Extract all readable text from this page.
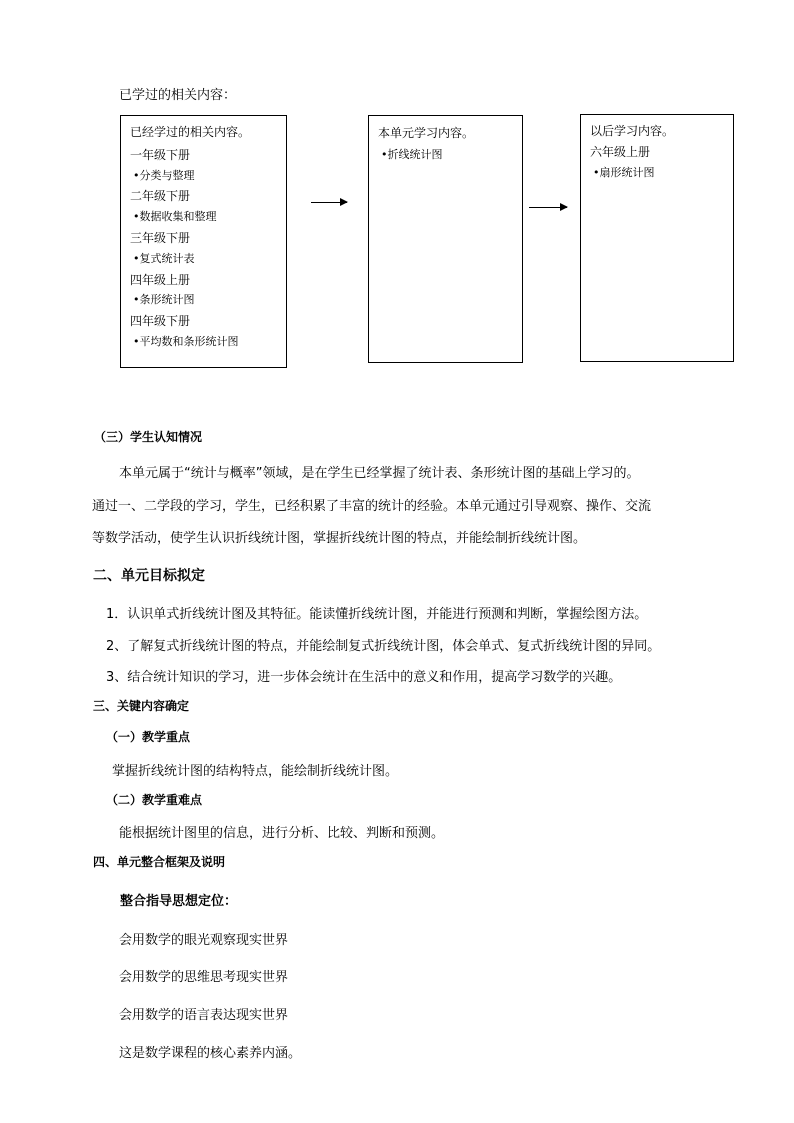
已学过的相关内容：
已经学过的相关内容。
一年级下册
•分类与整理
二年级下册
•数据收集和整理
三年级下册
•复式统计表
四年级上册
•条形统计图
四年级下册
•平均数和条形统计图
本单元学习内容。
•折线统计图
以后学习内容。
六年级上册
•扇形统计图
（三）学生认知情况
本单元属于“统计与概率”领域，是在学生已经掌握了统计表、条形统计图的基础上学习的。
通过一、二学段的学习，学生，已经积累了丰富的统计的经验。本单元通过引导观察、操作、交流
等数学活动，使学生认识折线统计图，掌握折线统计图的特点，并能绘制折线统计图。
二、单元目标拟定
1．认识单式折线统计图及其特征。能读懂折线统计图，并能进行预测和判断，掌握绘图方法。
2、了解复式折线统计图的特点，并能绘制复式折线统计图，体会单式、复式折线统计图的异同。
3、结合统计知识的学习，进一步体会统计在生活中的意义和作用，提高学习数学的兴趣。
三、关键内容确定
（一）教学重点
掌握折线统计图的结构特点，能绘制折线统计图。
（二）教学重难点
能根据统计图里的信息，进行分析、比较、判断和预测。
四、单元整合框架及说明
整合指导思想定位：
会用数学的眼光观察现实世界
会用数学的思维思考现实世界
会用数学的语言表达现实世界
这是数学课程的核心素养内涵。
